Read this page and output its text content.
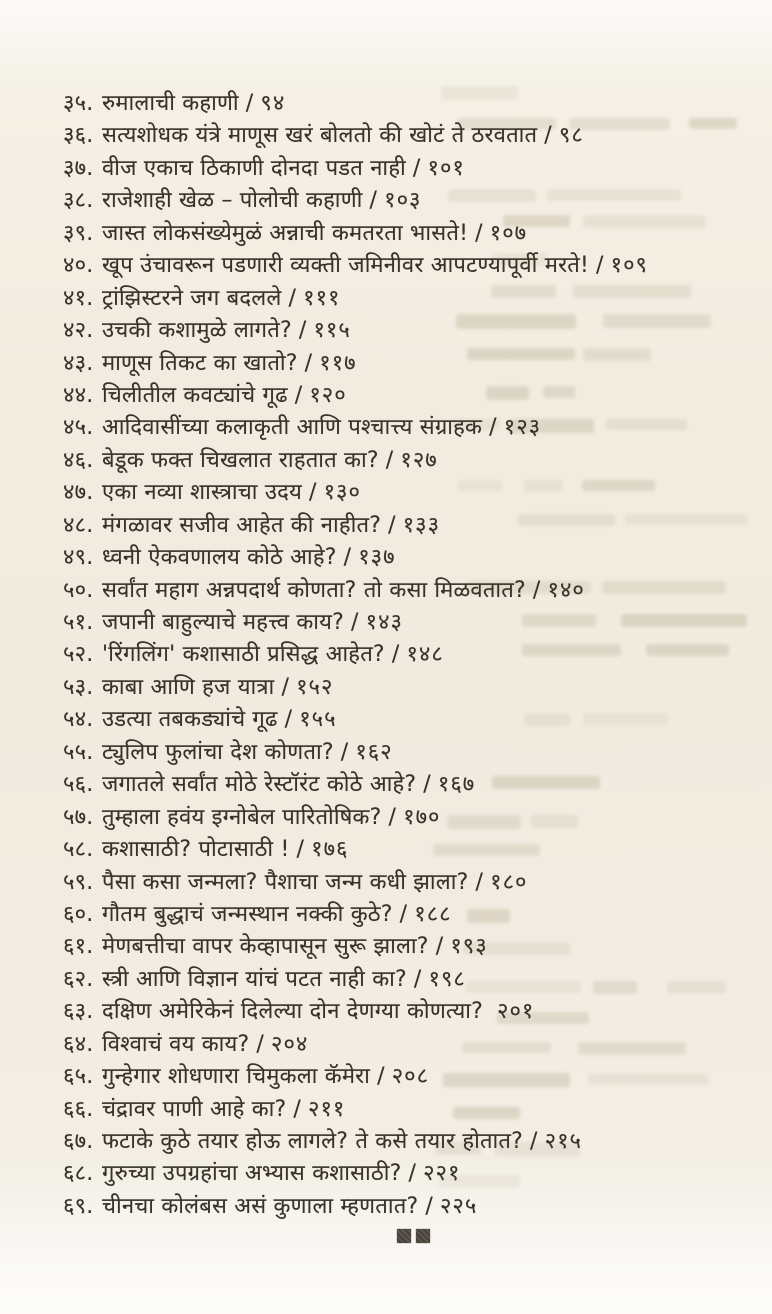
३५. रुमालाची कहाणी / ९४
३६. सत्यशोधक यंत्रे माणूस खरं बोलतो की खोटं ते ठरवतात / ९८
३७. वीज एकाच ठिकाणी दोनदा पडत नाही / १०१
३८. राजेशाही खेळ – पोलोची कहाणी / १०३
३९. जास्त लोकसंख्येमुळं अन्नाची कमतरता भासते! / १०७
४०. खूप उंचावरून पडणारी व्यक्ती जमिनीवर आपटण्यापूर्वी मरते! / १०९
४१. ट्रांझिस्टरने जग बदलले / १११
४२. उचकी कशामुळे लागते? / ११५
४३. माणूस तिकट का खातो? / ११७
४४. चिलीतील कवट्यांचे गूढ / १२०
४५. आदिवासींच्या कलाकृती आणि पश्चात्त्य संग्राहक / १२३
४६. बेडूक फक्त चिखलात राहतात का? / १२७
४७. एका नव्या शास्त्राचा उदय / १३०
४८. मंगळावर सजीव आहेत की नाहीत? / १३३
४९. ध्वनी ऐकवणालय कोठे आहे? / १३७
५०. सर्वांत महाग अन्नपदार्थ कोणता? तो कसा मिळवतात? / १४०
५१. जपानी बाहुल्याचे महत्त्व काय? / १४३
५२. 'रिंगलिंग' कशासाठी प्रसिद्ध आहेत? / १४८
५३. काबा आणि हज यात्रा / १५२
५४. उडत्या तबकड्यांचे गूढ / १५५
५५. ट्युलिप फुलांचा देश कोणता? / १६२
५६. जगातले सर्वांत मोठे रेस्टॉरंट कोठे आहे? / १६७
५७. तुम्हाला हवंय इग्नोबेल पारितोषिक? / १७०
५८. कशासाठी? पोटासाठी ! / १७६
५९. पैसा कसा जन्मला? पैशाचा जन्म कधी झाला? / १८०
६०. गौतम बुद्धाचं जन्मस्थान नक्की कुठे? / १८८
६१. मेणबत्तीचा वापर केव्हापासून सुरू झाला? / १९३
६२. स्त्री आणि विज्ञान यांचं पटत नाही का? / १९८
६३. दक्षिण अमेरिकेनं दिलेल्या दोन देणग्या कोणत्या? २०१
६४. विश्वाचं वय काय? / २०४
६५. गुन्हेगार शोधणारा चिमुकला कॅमेरा / २०८
६६. चंद्रावर पाणी आहे का? / २११
६७. फटाके कुठे तयार होऊ लागले? ते कसे तयार होतात? / २१५
६८. गुरुच्या उपग्रहांचा अभ्यास कशासाठी? / २२१
६९. चीनचा कोलंबस असं कुणाला म्हणतात? / २२५
